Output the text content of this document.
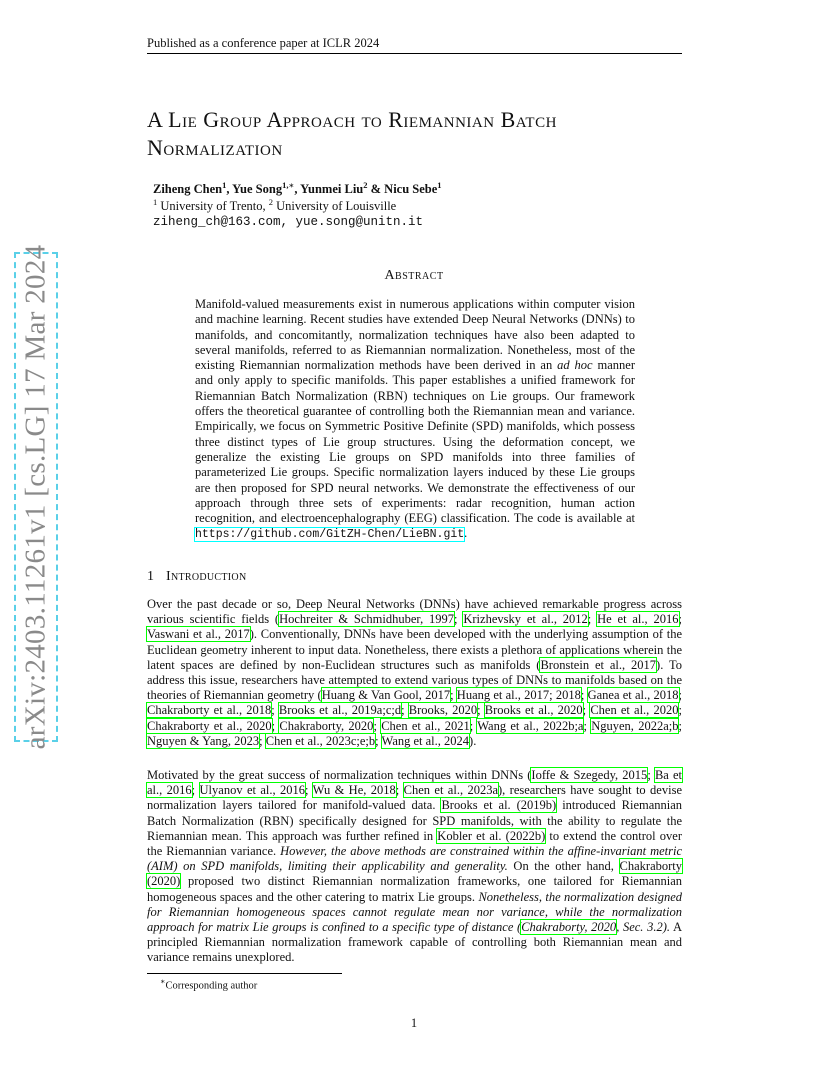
Published as a conference paper at ICLR 2024
A Lie Group Approach to Riemannian Batch
Normalization
Ziheng Chen$^1$, Yue Song$^{1,∗}$, Yunmei Liu$^2$ & Nicu Sebe$^1$
$^1$ University of Trento, $^2$ University of Louisville
ziheng_ch@163.com, yue.song@unitn.it
Abstract
Manifold-valued measurements exist in numerous applications within computer vision and machine learning. Recent studies have extended Deep Neural Networks (DNNs) to manifolds, and concomitantly, normalization techniques have also been adapted to several manifolds, referred to as Riemannian normalization. Nonetheless, most of the existing Riemannian normalization methods have been derived in an ad hoc manner and only apply to specific manifolds. This paper establishes a unified framework for Riemannian Batch Normalization (RBN) techniques on Lie groups. Our framework offers the theoretical guarantee of controlling both the Riemannian mean and variance. Empirically, we focus on Symmetric Positive Definite (SPD) manifolds, which possess three distinct types of Lie group structures. Using the deformation concept, we generalize the existing Lie groups on SPD manifolds into three families of parameterized Lie groups. Specific normalization layers induced by these Lie groups are then proposed for SPD neural networks. We demonstrate the effectiveness of our approach through three sets of experiments: radar recognition, human action recognition, and electroencephalography (EEG) classification. The code is available at https://github.com/GitZH-Chen/LieBN.git.
1 Introduction
Over the past decade or so, Deep Neural Networks (DNNs) have achieved remarkable progress across various scientific fields (Hochreiter & Schmidhuber, 1997; Krizhevsky et al., 2012; He et al., 2016; Vaswani et al., 2017). Conventionally, DNNs have been developed with the underlying assumption of the Euclidean geometry inherent to input data. Nonetheless, there exists a plethora of applications wherein the latent spaces are defined by non-Euclidean structures such as manifolds (Bronstein et al., 2017). To address this issue, researchers have attempted to extend various types of DNNs to manifolds based on the theories of Riemannian geometry (Huang & Van Gool, 2017; Huang et al., 2017; 2018; Ganea et al., 2018; Chakraborty et al., 2018; Brooks et al., 2019a;c;d; Brooks, 2020; Brooks et al., 2020; Chen et al., 2020; Chakraborty et al., 2020; Chakraborty, 2020; Chen et al., 2021; Wang et al., 2022b;a; Nguyen, 2022a;b; Nguyen & Yang, 2023; Chen et al., 2023c;e;b; Wang et al., 2024).
Motivated by the great success of normalization techniques within DNNs (Ioffe & Szegedy, 2015; Ba et al., 2016; Ulyanov et al., 2016; Wu & He, 2018; Chen et al., 2023a), researchers have sought to devise normalization layers tailored for manifold-valued data. Brooks et al. (2019b) introduced Riemannian Batch Normalization (RBN) specifically designed for SPD manifolds, with the ability to regulate the Riemannian mean. This approach was further refined in Kobler et al. (2022b) to extend the control over the Riemannian variance. However, the above methods are constrained within the affine-invariant metric (AIM) on SPD manifolds, limiting their applicability and generality. On the other hand, Chakraborty (2020) proposed two distinct Riemannian normalization frameworks, one tailored for Riemannian homogeneous spaces and the other catering to matrix Lie groups. Nonetheless, the normalization designed for Riemannian homogeneous spaces cannot regulate mean nor variance, while the normalization approach for matrix Lie groups is confined to a specific type of distance (Chakraborty, 2020, Sec. 3.2). A principled Riemannian normalization framework capable of controlling both Riemannian mean and variance remains unexplored.
∗Corresponding author
1
arXiv:2403.11261v1 [cs.LG] 17 Mar 2024
